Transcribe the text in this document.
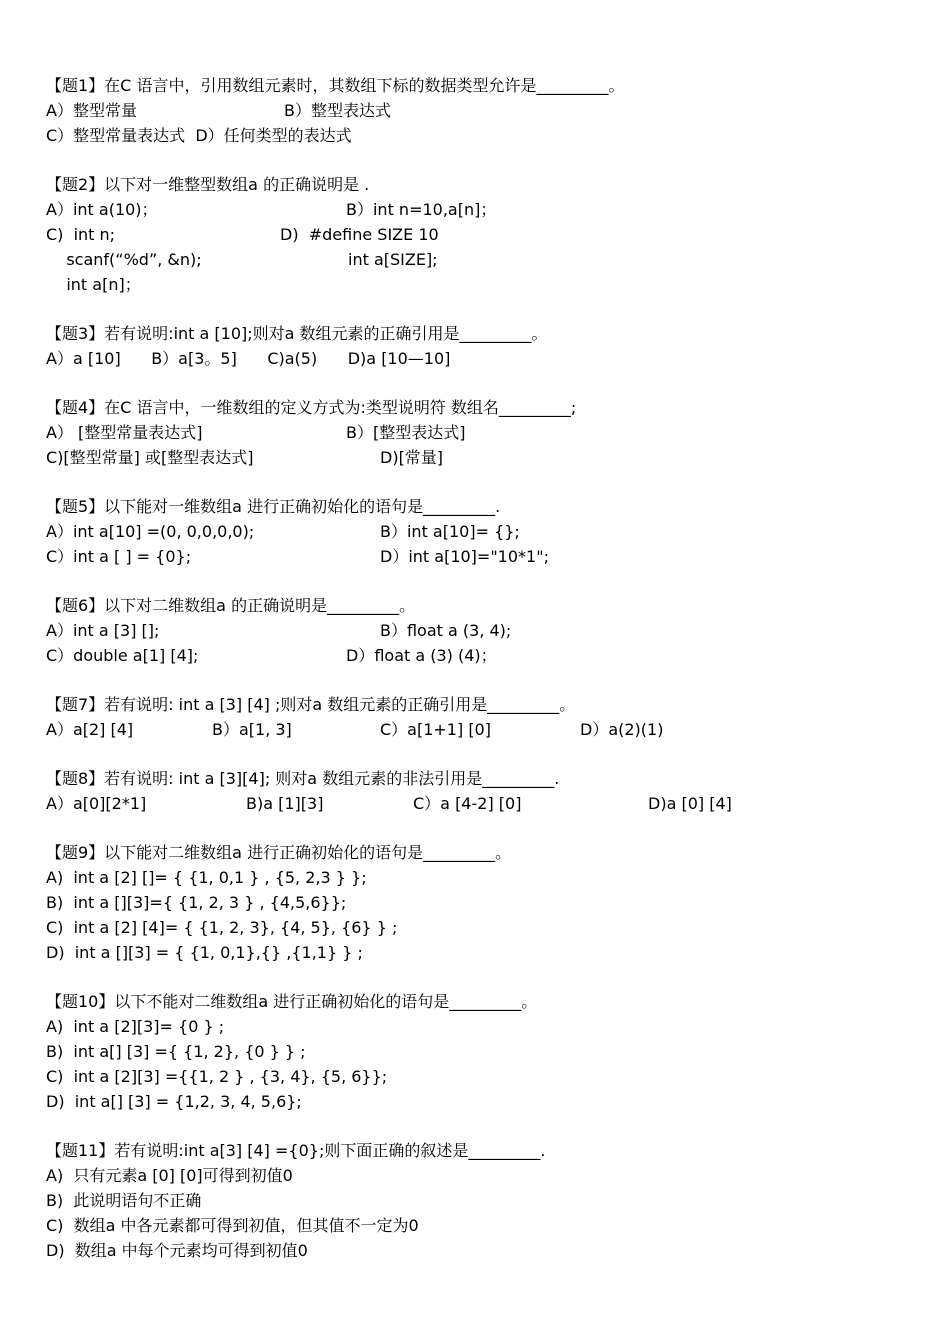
【题1】在C 语言中，引用数组元素时，其数组下标的数据类型允许是_________。

A）整型常量

	B）整型表达式

C）整型常量表达式  D）任何类型的表达式

【题2】以下对一维整型数组a 的正确说明是 .

A）int a(10)；

	B）int n=10,a[n]；

C)  int n;

	D)  #define SIZE 10

scanf(“%d”, &n);

	int a[SIZE];

int a[n]；

【题3】若有说明:int a [10];则对a 数组元素的正确引用是_________。

A）a [10]      B）a[3。5]      C)a(5)      D)a [10—10]

【题4】在C 语言中，一维数组的定义方式为:类型说明符 数组名_________;

A） [整型常量表达式]

	B）[整型表达式]

C)[整型常量] 或[整型表达式]

	D)[常量]

【题5】以下能对一维数组a 进行正确初始化的语句是_________.

A）int a[10] =(0, 0,0,0,0);

	B）int a[10]= {};

C）int a [ ] = {0};

	D）int a[10]="10*1";

【题6】以下对二维数组a 的正确说明是_________。

A）int a [3] [];

	B）float a (3, 4);

C）double a[1] [4];

	D）float a (3) (4)；

【题7】若有说明: int a [3] [4] ;则对a 数组元素的正确引用是_________。

A）a[2] [4]

	B）a[1, 3]

	C）a[1+1] [0]

	D）a(2)(1)

【题8】若有说明: int a [3][4]; 则对a 数组元素的非法引用是_________.

A）a[0][2*1]

	B)a [1][3]

	C）a [4-2] [0]

	D)a [0] [4]

【题9】以下能对二维数组a 进行正确初始化的语句是_________。
A)  int a [2] []= { {1, 0,1 } , {5, 2,3 } };
B)  int a [][3]={ {1, 2, 3 } , {4,5,6}};
C)  int a [2] [4]= { {1, 2, 3}, {4, 5}, {6} } ;
D)  int a [][3] = { {1, 0,1},{} ,{1,1} } ;
【题10】以下不能对二维数组a 进行正确初始化的语句是_________。
A)  int a [2][3]= {0 } ;
B)  int a[] [3] ={ {1, 2}, {0 } } ;
C)  int a [2][3] ={{1, 2 } , {3, 4}, {5, 6}};
D)  int a[] [3] = {1,2, 3, 4, 5,6};
【题11】若有说明:int a[3] [4] ={0};则下面正确的叙述是_________.
A)  只有元素a [0] [0]可得到初值0
B)  此说明语句不正确
C)  数组a 中各元素都可得到初值，但其值不一定为0
D)  数组a 中每个元素均可得到初值0
